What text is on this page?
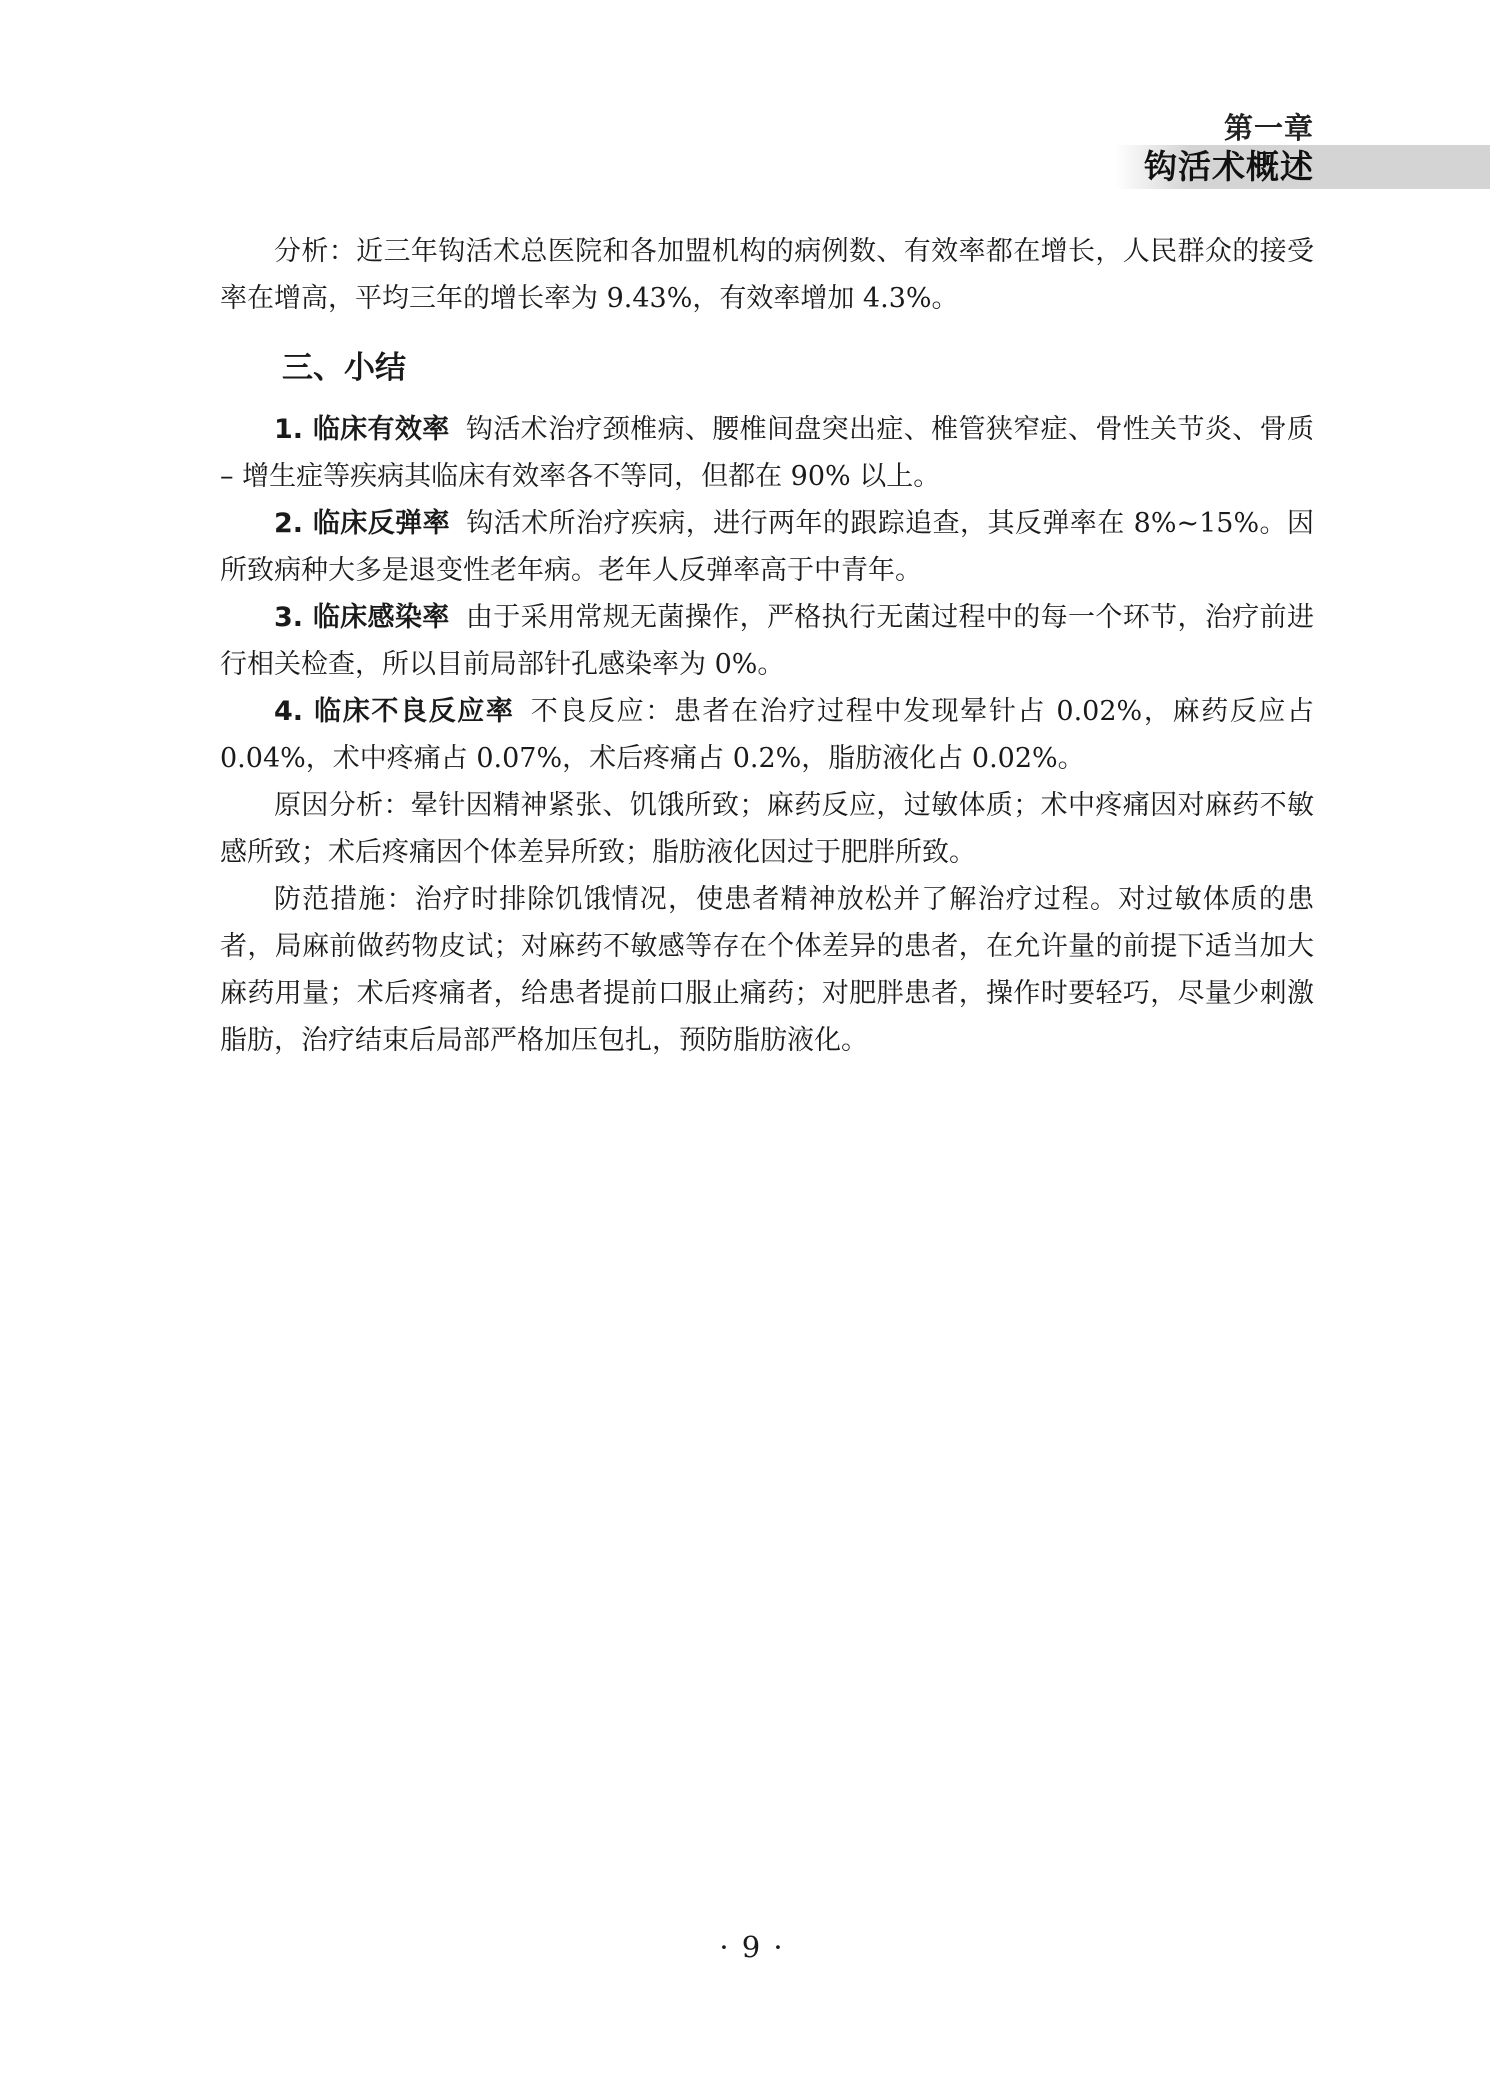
第一章
钩活术概述

分析：近三年钩活术总医院和各加盟机构的病例数、有效率都在增长，人民群众的接受率在增高，平均三年的增长率为 9.43%，有效率增加 4.3%。

三、小结

1. 临床有效率 钩活术治疗颈椎病、腰椎间盘突出症、椎管狭窄症、骨性关节炎、骨质 – 增生症等疾病其临床有效率各不等同，但都在 90% 以上。

2. 临床反弹率 钩活术所治疗疾病，进行两年的跟踪追查，其反弹率在 8%~15%。因所致病种大多是退变性老年病。老年人反弹率高于中青年。

3. 临床感染率 由于采用常规无菌操作，严格执行无菌过程中的每一个环节，治疗前进行相关检查，所以目前局部针孔感染率为 0%。

4. 临床不良反应率 不良反应：患者在治疗过程中发现晕针占 0.02%，麻药反应占 0.04%，术中疼痛占 0.07%，术后疼痛占 0.2%，脂肪液化占 0.02%。

原因分析：晕针因精神紧张、饥饿所致；麻药反应，过敏体质；术中疼痛因对麻药不敏感所致；术后疼痛因个体差异所致；脂肪液化因过于肥胖所致。

防范措施：治疗时排除饥饿情况，使患者精神放松并了解治疗过程。对过敏体质的患者，局麻前做药物皮试；对麻药不敏感等存在个体差异的患者，在允许量的前提下适当加大麻药用量；术后疼痛者，给患者提前口服止痛药；对肥胖患者，操作时要轻巧，尽量少刺激脂肪，治疗结束后局部严格加压包扎，预防脂肪液化。

· 9 ·
